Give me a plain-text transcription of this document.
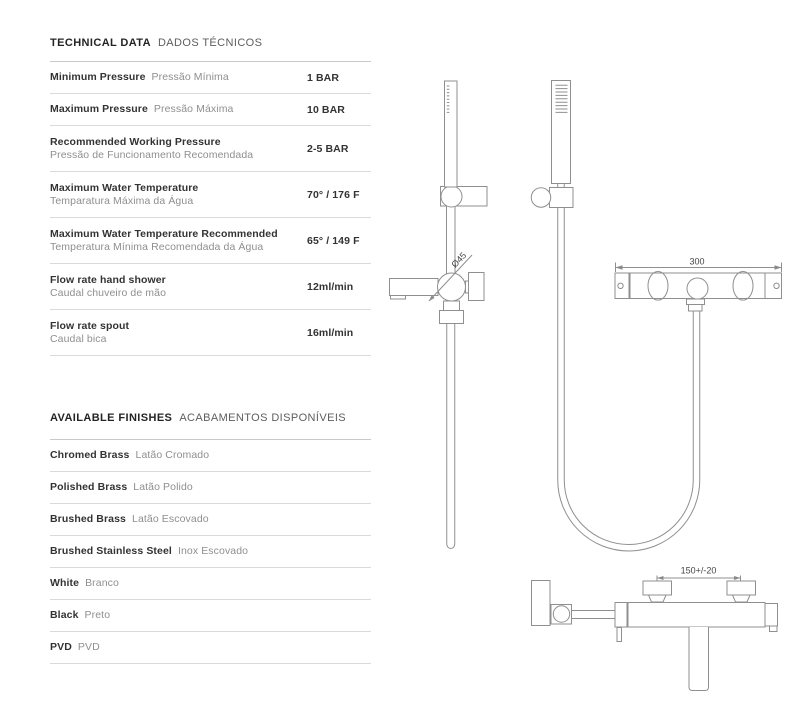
TECHNICAL DATA DADOS TÉCNICOS
Minimum Pressure Pressão Mínima	1 BAR
Maximum Pressure Pressão Máxima	10 BAR
Recommended Working Pressure
Pressão de Funcionamento Recomendada
2-5 BAR
Maximum Water Temperature
Temparatura Máxima da Água
70° / 176 F
Maximum Water Temperature Recommended
Temperatura Mínima Recomendada da Água
65° / 149 F
Flow rate hand shower
Caudal chuveiro de mão
12ml/min
Flow rate spout
Caudal bica
16ml/min
AVAILABLE FINISHES ACABAMENTOS DISPONÍVEIS
Chromed Brass Latão Cromado
Polished Brass Latão Polido
Brushed Brass Latão Escovado
Brushed Stainless Steel Inox Escovado
White Branco
Black Preto
PVD PVD
300
Ø45
150+/-20
